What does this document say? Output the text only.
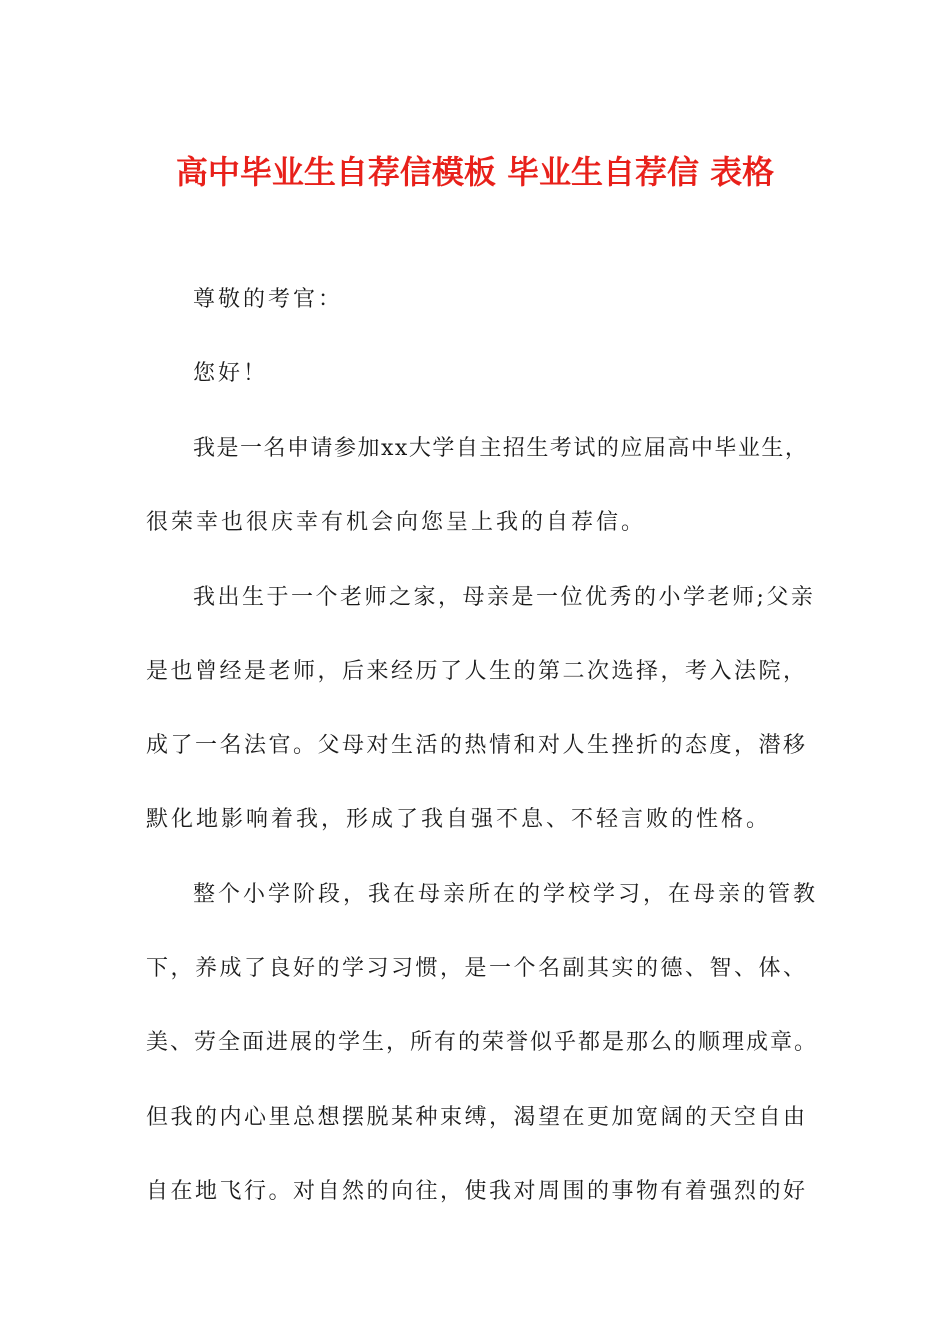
高中毕业生自荐信模板 毕业生自荐信 表格
尊敬的考官：
您好！
我是一名申请参加xx大学自主招生考试的应届高中毕业生，
很荣幸也很庆幸有机会向您呈上我的自荐信。
我出生于一个老师之家，母亲是一位优秀的小学老师;父亲
是也曾经是老师，后来经历了人生的第二次选择，考入法院，
成了一名法官。父母对生活的热情和对人生挫折的态度，潜移
默化地影响着我，形成了我自强不息、不轻言败的性格。
整个小学阶段，我在母亲所在的学校学习，在母亲的管教
下，养成了良好的学习习惯，是一个名副其实的德、智、体、
美、劳全面进展的学生，所有的荣誉似乎都是那么的顺理成章。
但我的内心里总想摆脱某种束缚，渴望在更加宽阔的天空自由
自在地飞行。对自然的向往，使我对周围的事物有着强烈的好
